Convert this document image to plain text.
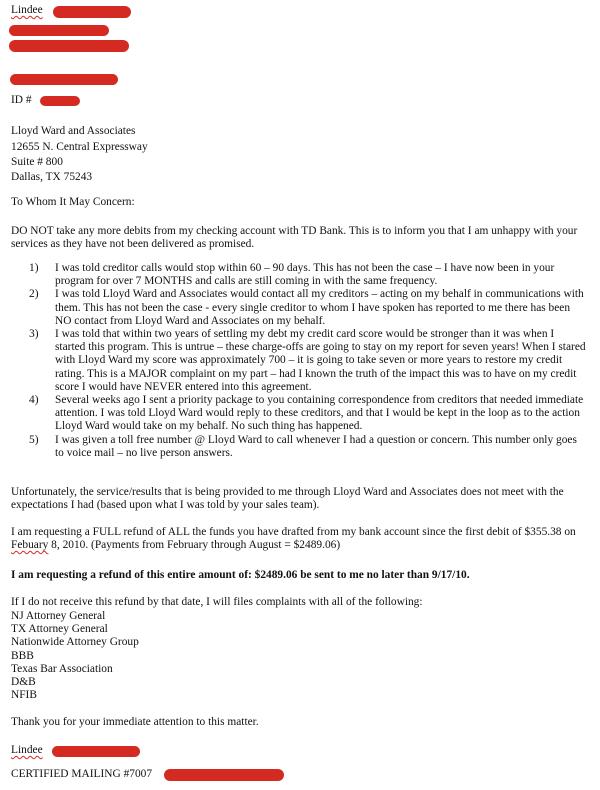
Lindee
ID #
Lloyd Ward and Associates
12655 N. Central Expressway
Suite # 800
Dallas, TX 75243
To Whom It May Concern:

DO NOT take any more debits from my checking account with TD Bank. This is to inform you that I am unhappy with your services as they have not been delivered as promised.

1) I was told creditor calls would stop within 60 – 90 days. This has not been the case – I have now been in your program for over 7 MONTHS and calls are still coming in with the same frequency.
2) I was told Lloyd Ward and Associates would contact all my creditors – acting on my behalf in communications with them. This has not been the case - every single creditor to whom I have spoken has reported to me there has been NO contact from Lloyd Ward and Associates on my behalf.
3) I was told that within two years of settling my debt my credit card score would be stronger than it was when I started this program. This is untrue – these charge-offs are going to stay on my report for seven years! When I stared with Lloyd Ward my score was approximately 700 – it is going to take seven or more years to restore my credit rating. This is a MAJOR complaint on my part – had I known the truth of the impact this was to have on my credit score I would have NEVER entered into this agreement.
4) Several weeks ago I sent a priority package to you containing correspondence from creditors that needed immediate attention. I was told Lloyd Ward would reply to these creditors, and that I would be kept in the loop as to the action Lloyd Ward would take on my behalf. No such thing has happened.
5) I was given a toll free number @ Lloyd Ward to call whenever I had a question or concern. This number only goes to voice mail – no live person answers.

Unfortunately, the service/results that is being provided to me through Lloyd Ward and Associates does not meet with the expectations I had (based upon what I was told by your sales team).

I am requesting a FULL refund of ALL the funds you have drafted from my bank account since the first debit of $355.38 on Febuary 8, 2010. (Payments from February through August = $2489.06)

I am requesting a refund of this entire amount of: $2489.06 be sent to me no later than 9/17/10.
If I do not receive this refund by that date, I will files complaints with all of the following:
NJ Attorney General
TX Attorney General
Nationwide Attorney Group
BBB
Texas Bar Association
D&B
NFIB
Thank you for your immediate attention to this matter.
Lindee
CERTIFIED MAILING #7007
